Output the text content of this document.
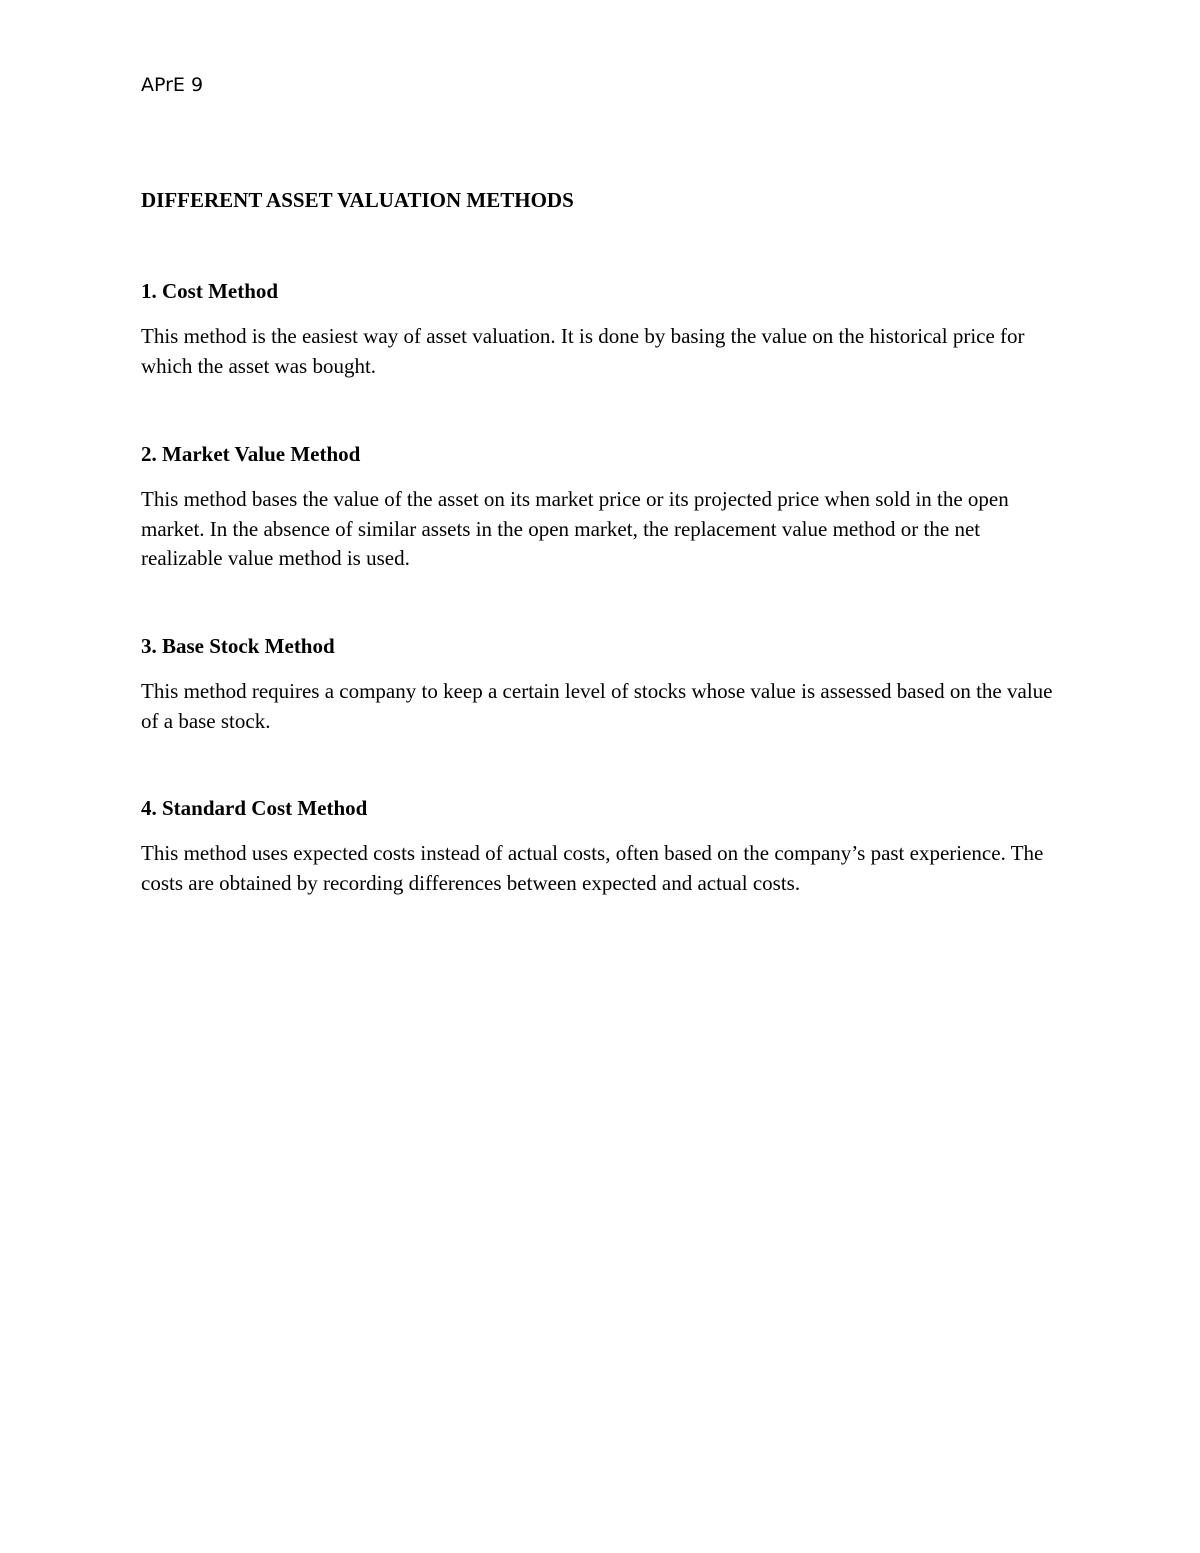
APrE 9
DIFFERENT ASSET VALUATION METHODS
1. Cost Method

This method is the easiest way of asset valuation. It is done by basing the value on the historical price for which the asset was bought.

2. Market Value Method

This method bases the value of the asset on its market price or its projected price when sold in the open market. In the absence of similar assets in the open market, the replacement value method or the net realizable value method is used.

3. Base Stock Method

This method requires a company to keep a certain level of stocks whose value is assessed based on the value of a base stock.

4. Standard Cost Method

This method uses expected costs instead of actual costs, often based on the company’s past experience. The costs are obtained by recording differences between expected and actual costs.
